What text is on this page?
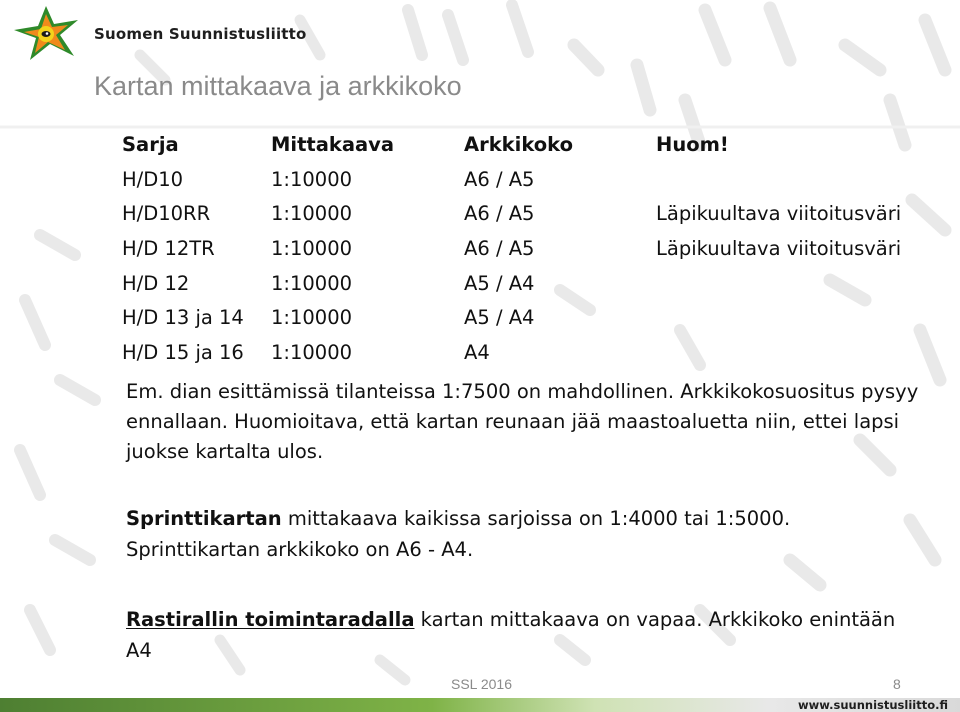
Suomen Suunnistusliitto
Kartan mittakaava ja arkkikoko
Sarja	Mittakaava	Arkkikoko	Huom!
H/D10	1:10000	A6 / A5	
H/D10RR	1:10000	A6 / A5	Läpikuultava viitoitusväri
H/D 12TR	1:10000	A6 / A5	Läpikuultava viitoitusväri
H/D 12	1:10000	A5 / A4	
H/D 13 ja 14	1:10000	A5 / A4	
H/D 15 ja 16	1:10000	A4	
Em. dian esittämissä tilanteissa 1:7500 on mahdollinen. Arkkikokosuositus pysyy ennallaan. Huomioitava, että kartan reunaan jää maastoaluetta niin, ettei lapsi juokse kartalta ulos.
Sprinttikartan mittakaava kaikissa sarjoissa on 1:4000 tai 1:5000.
Sprinttikartan arkkikoko on A6 - A4.
Rastirallin toimintaradalla kartan mittakaava on vapaa. Arkkikoko enintään A4
SSL 2016	8
www.suunnistusliitto.fi
